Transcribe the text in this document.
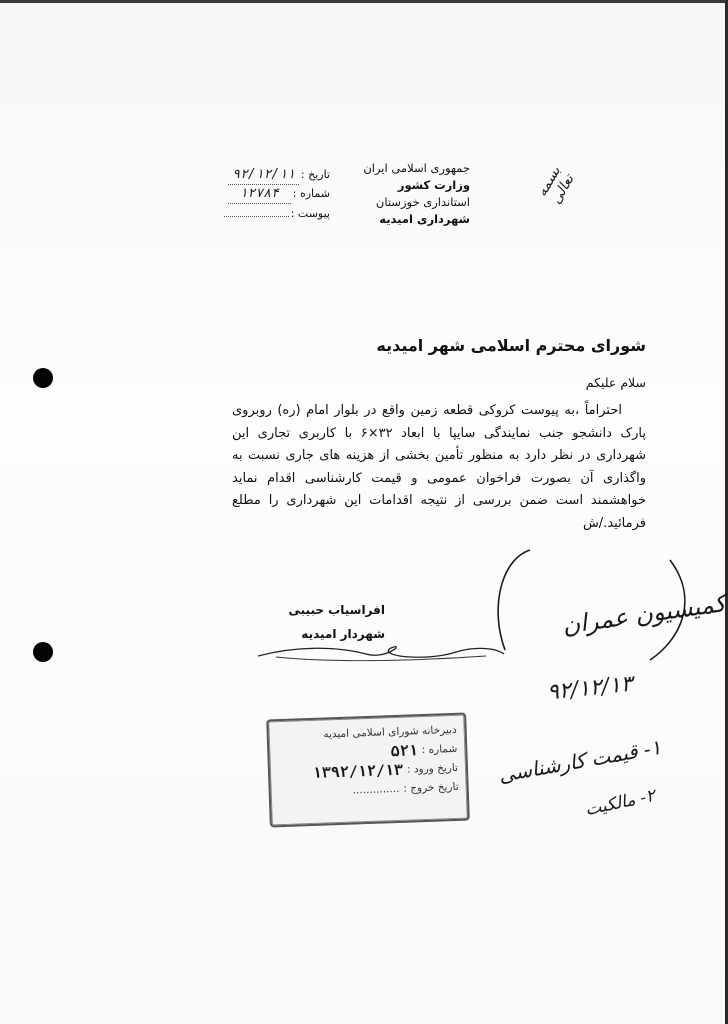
بسمه تعالی
جمهوری اسلامی ایران
وزارت کشور
استانداری خوزستان
شهرداری امیدیه
تاریخ :
۹۲/۱۲/۱۱
شماره :
۱۲۷۸۴
پیوست :
شورای محترم اسلامی شهر امیدیه
سلام علیکم

احتراماً ،به پیوست کروکی قطعه زمین واقع در بلوار امام (ره) روبروی پارک دانشجو جنب نمایندگی سایپا با ابعاد ۳۲×۶ با کاربری تجاری این شهرداری در نظر دارد به منظور تأمین بخشی از هزینه های جاری نسبت به واگذاری آن بصورت فراخوان عمومی و قیمت کارشناسی اقدام نماید خواهشمند است ضمن بررسی از نتیجه اقدامات این شهرداری را مطلع فرمائید./ش

افراسیاب حبیبی
شهردار امیدیه
دبیرخانه شورای اسلامی امیدیه
شماره :
۵۲۱
تاریخ ورود :
۱۳۹۲/۱۲/۱۳
تاریخ خروج :
..............
کمیسیون عمران
۹۲/۱۲/۱۳
۱- قیمت کارشناسی
۲- مالکیت
